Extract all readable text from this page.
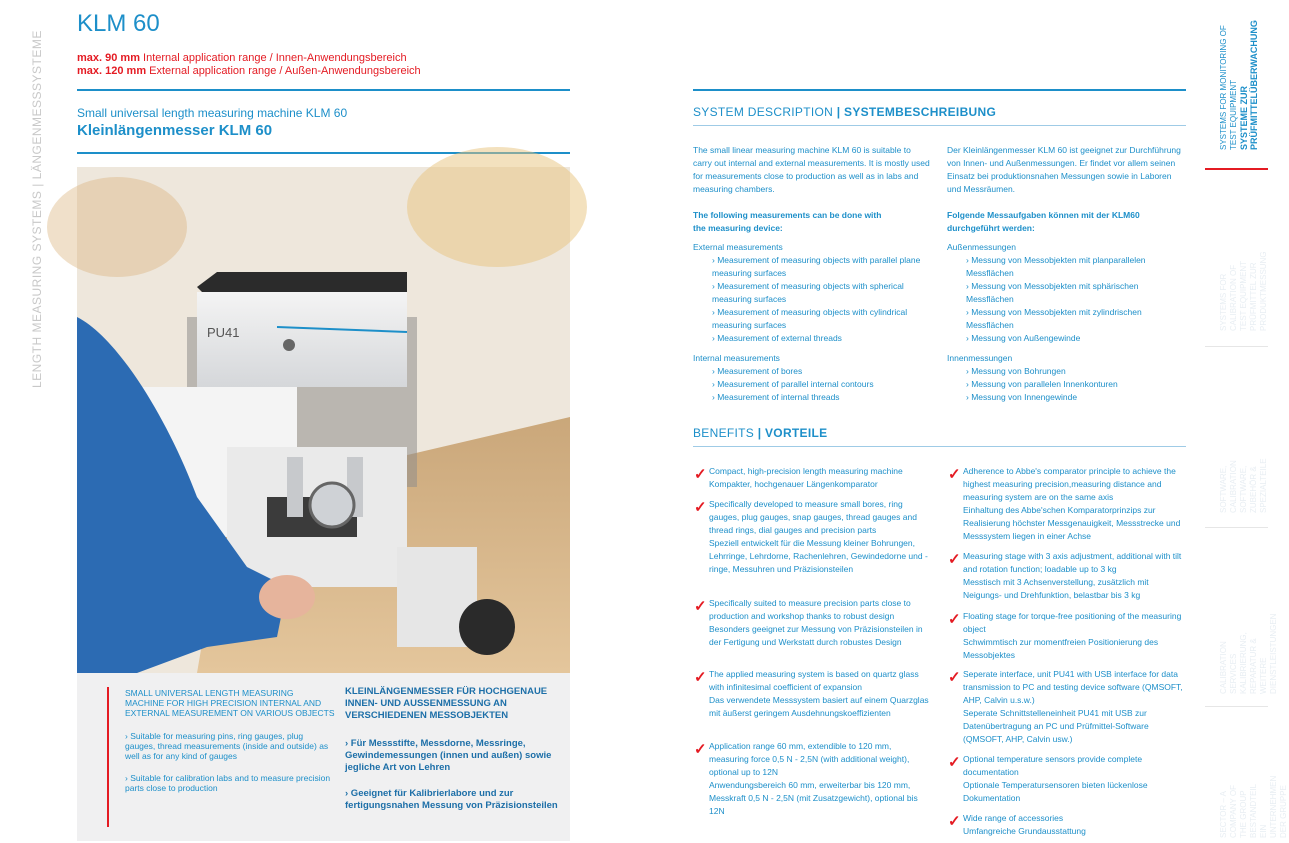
LENGTH MEASURING SYSTEMS | LÄNGENMESSSYSTEME
KLM 60
max. 90 mm Internal application range / Innen-Anwendungsbereich
max. 120 mm External application range / Außen-Anwendungsbereich
Small universal length measuring machine KLM 60
Kleinlängenmesser KLM 60
PU41
SMALL UNIVERSAL LENGTH MEASURING MACHINE FOR HIGH PRECISION INTERNAL AND EXTERNAL MEASUREMENT ON VARIOUS OBJECTS
› Suitable for measuring pins, ring gauges, plug gauges, thread measurements (inside and outside) as well as for any kind of gauges
› Suitable for calibration labs and to measure precision parts close to production
KLEINLÄNGENMESSER FÜR HOCHGENAUE INNEN- UND AUSSENMESSUNG AN VERSCHIEDENEN MESSOBJEKTEN
› Für Messstifte, Messdorne, Messringe, Gewindemessungen (innen und außen) sowie jegliche Art von Lehren
› Geeignet für Kalibrierlabore und zur fertigungsnahen Messung von Präzisionsteilen
SYSTEM DESCRIPTION | SYSTEMBESCHREIBUNG
The small linear measuring machine KLM 60 is suitable to carry out internal and external measurements. It is mostly used for measurements close to production as well as in labs and measuring chambers.
Der Kleinlängenmesser KLM 60 ist geeignet zur Durchführung von Innen- und Außenmessungen. Er findet vor allem seinen Einsatz bei produktionsnahen Messungen sowie in Laboren und Messräumen.
The following measurements can be done with the measuring device:
Folgende Messaufgaben können mit der KLM60 durchgeführt werden:
External measurements
› Measurement of measuring objects with parallel plane measuring surfaces
› Measurement of measuring objects with spherical measuring surfaces
› Measurement of measuring objects with cylindrical measuring surfaces
› Measurement of external threads
Internal measurements
› Measurement of bores
› Measurement of parallel internal contours
› Measurement of internal threads
Außenmessungen
› Messung von Messobjekten mit planparallelen Messflächen
› Messung von Messobjekten mit sphärischen Messflächen
› Messung von Messobjekten mit zylindrischen Messflächen
› Messung von Außengewinde
Innenmessungen
› Messung von Bohrungen
› Messung von parallelen Innenkonturen
› Messung von Innengewinde
BENEFITS | VORTEILE
✓ Compact, high-precision length measuring machine
Kompakter, hochgenauer Längenkomparator
✓ Specifically developed to measure small bores, ring gauges, plug gauges, snap gauges, thread gauges and thread rings, dial gauges and precision parts
Speziell entwickelt für die Messung kleiner Bohrungen, Lehrringe, Lehrdorne, Rachenlehren, Gewindedorne und -ringe, Messuhren und Präzisionsteilen
✓ Specifically suited to measure precision parts close to production and workshop thanks to robust design
Besonders geeignet zur Messung von Präzisionsteilen in der Fertigung und Werkstatt durch robustes Design
✓ The applied measuring system is based on quartz glass with infinitesimal coefficient of expansion
Das verwendete Messsystem basiert auf einem Quarzglas mit äußerst geringem Ausdehnungskoeffizienten
✓ Application range 60 mm, extendible to 120 mm, measuring force 0,5 N - 2,5N (with additional weight), optional up to 12N
Anwendungsbereich 60 mm, erweiterbar bis 120 mm, Messkraft 0,5 N - 2,5N (mit Zusatzgewicht), optional bis 12N
✓ Adherence to Abbe's comparator principle to achieve the highest measuring precision,measuring distance and measuring system are on the same axis
Einhaltung des Abbe'schen Komparatorprinzips zur Realisierung höchster Messgenauigkeit, Messstrecke und Messsystem liegen in einer Achse
✓ Measuring stage with 3 axis adjustment, additional with tilt and rotation function; loadable up to 3 kg
Messtisch mit 3 Achsenverstellung, zusätzlich mit Neigungs- und Drehfunktion, belastbar bis 3 kg
✓ Floating stage for torque-free positioning of the measuring object
Schwimmtisch zur momentfreien Positionierung des Messobjektes
✓ Seperate interface, unit PU41 with USB interface for data transmission to PC and testing device software (QMSOFT, AHP, Calvin u.s.w.)
Seperate Schnittstelleneinheit PU41 mit USB zur Datenübertragung an PC und Prüfmittel-Software (QMSOFT, AHP, Calvin usw.)
✓ Optional temperature sensors provide complete documentation
Optionale Temperatursensoren bieten lückenlose Dokumentation
✓ Wide range of accessories
Umfangreiche Grundausstattung
SYSTEMS FOR MONITORING OF TEST EQUIPMENT SYSTEME ZUR PRÜFMITTELÜBERWACHUNG
SYSTEMS FOR CALIBRATION OF TEST EQUIPMENT
PRÜFMITTEL ZUR PRODUKTMESSUNG
SOFTWARE, CALIBRATION
SOFTWARE, ZUBEHÖR & SPEZIALTEILE
CALIBRATION SERVICES
KALIBRIERUNG, REPARATUR & WEITERE DIENSTLEISTUNGEN
SECTOR – A COMPANY OF THE GROUP
BESTANDTEIL EIN UNTERNEHMEN DER GRUPPE
